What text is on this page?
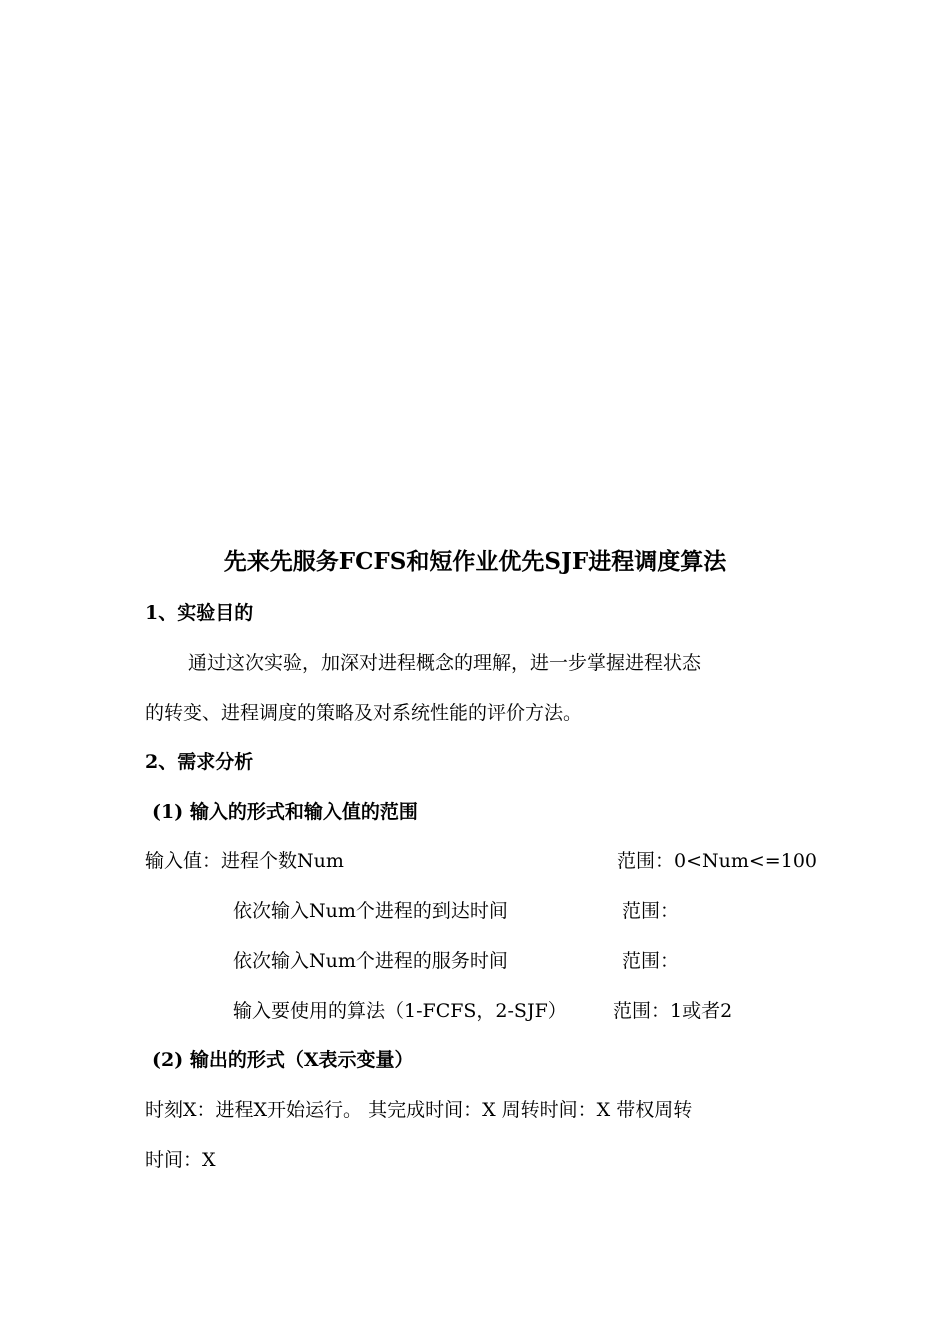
先来先服务FCFS和短作业优先SJF进程调度算法
1、实验目的
通过这次实验，加深对进程概念的理解，进一步掌握进程状态
的转变、进程调度的策略及对系统性能的评价方法。
2、需求分析
(1) 输入的形式和输入值的范围
输入值：进程个数Num	范围：0<Num<=100
依次输入Num个进程的到达时间	范围：
依次输入Num个进程的服务时间	范围：
输入要使用的算法（1-FCFS，2-SJF） 范围：1或者2
(2) 输出的形式（X表示变量）
时刻X：进程X开始运行。 其完成时间：X 周转时间：X 带权周转
时间：X
